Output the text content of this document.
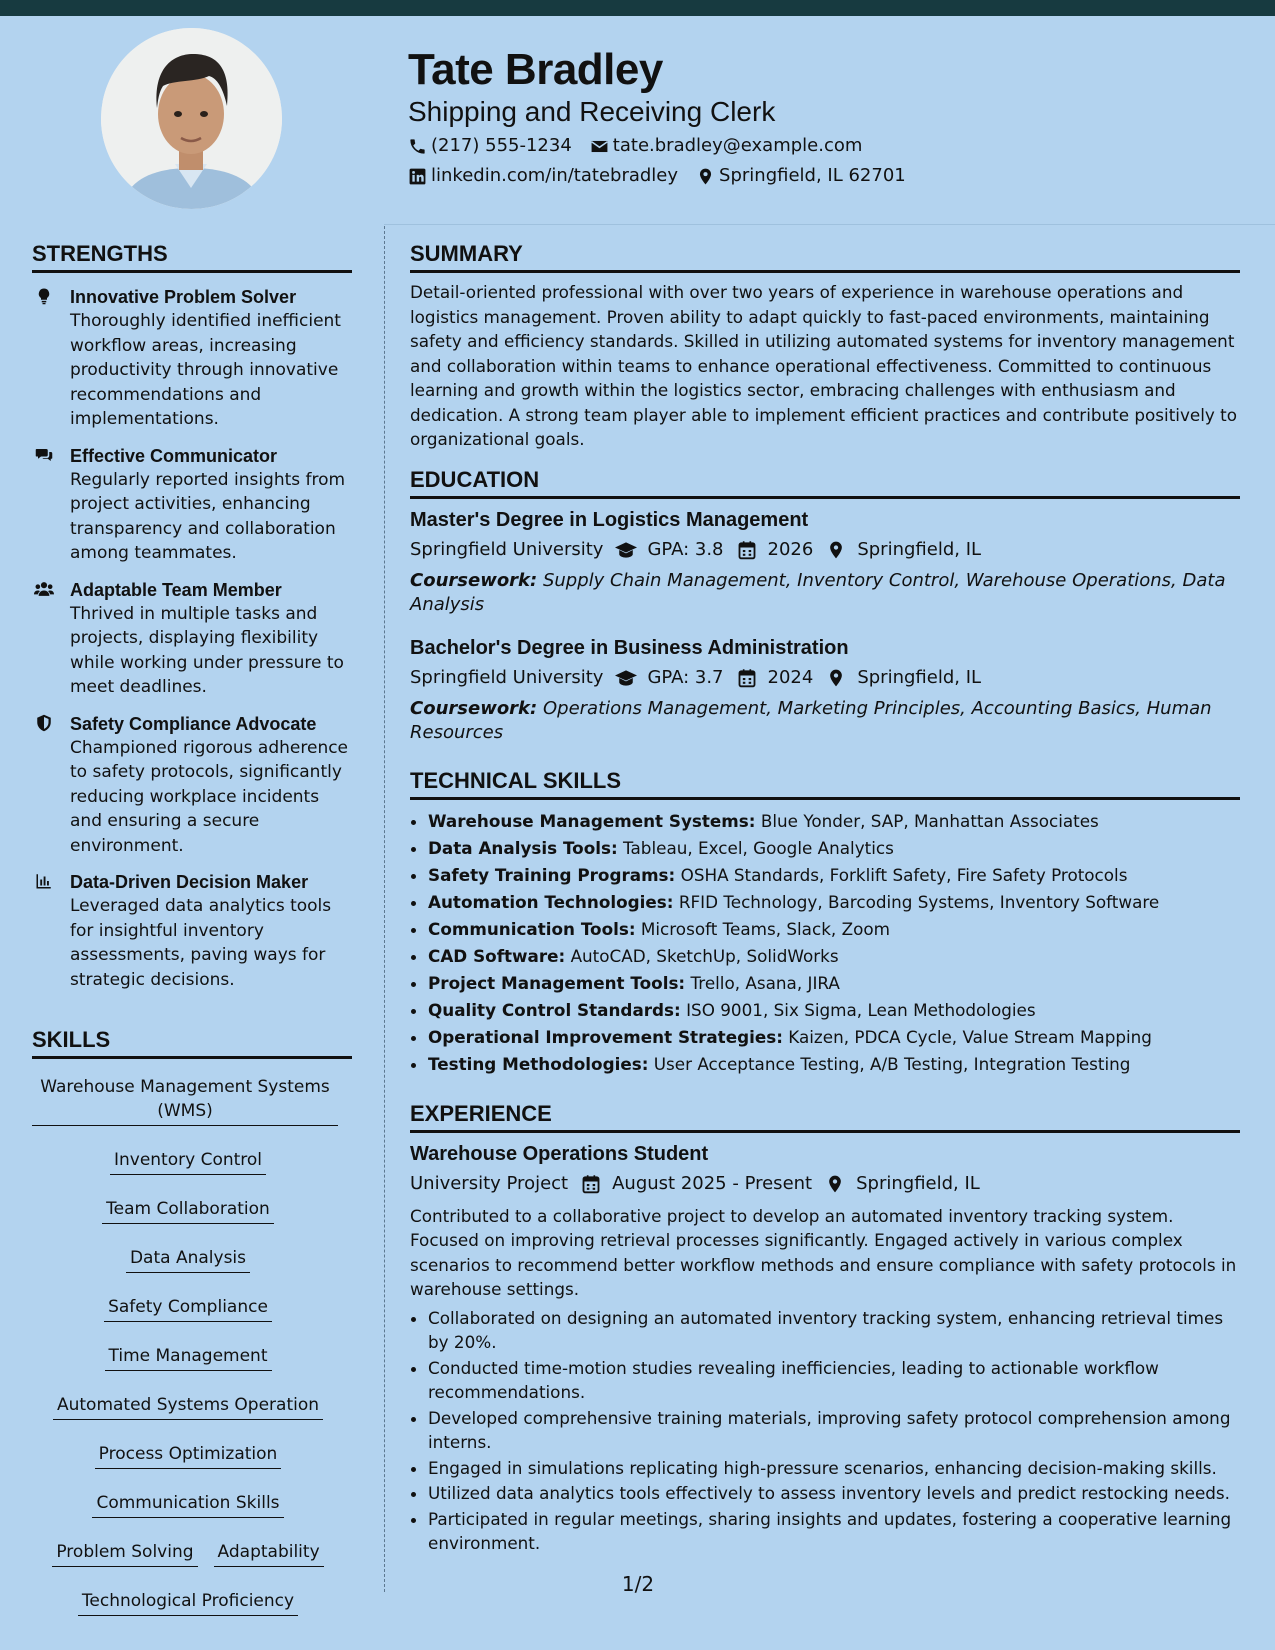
Tate Bradley
Shipping and Receiving Clerk
(217) 555-1234 tate.bradley@example.com
linkedin.com/in/tatebradley Springfield, IL 62701
STRENGTHS
Innovative Problem Solver
Thoroughly identified inefficient workflow areas, increasing productivity through innovative recommendations and implementations.
Effective Communicator
Regularly reported insights from project activities, enhancing transparency and collaboration among teammates.
Adaptable Team Member
Thrived in multiple tasks and projects, displaying flexibility while working under pressure to meet deadlines.
Safety Compliance Advocate
Championed rigorous adherence to safety protocols, significantly reducing workplace incidents and ensuring a secure environment.
Data-Driven Decision Maker
Leveraged data analytics tools for insightful inventory assessments, paving ways for strategic decisions.
SKILLS
Warehouse Management Systems (WMS)
Inventory Control
Team Collaboration
Data Analysis
Safety Compliance
Time Management
Automated Systems Operation
Process Optimization
Communication Skills
Problem Solving Adaptability
Technological Proficiency
SUMMARY
Detail-oriented professional with over two years of experience in warehouse operations and logistics management. Proven ability to adapt quickly to fast-paced environments, maintaining safety and efficiency standards. Skilled in utilizing automated systems for inventory management and collaboration within teams to enhance operational effectiveness. Committed to continuous learning and growth within the logistics sector, embracing challenges with enthusiasm and dedication. A strong team player able to implement efficient practices and contribute positively to organizational goals.
EDUCATION
Master's Degree in Logistics Management
Springfield University GPA: 3.8 2026 Springfield, IL
Coursework: Supply Chain Management, Inventory Control, Warehouse Operations, Data Analysis
Bachelor's Degree in Business Administration
Springfield University GPA: 3.7 2024 Springfield, IL
Coursework: Operations Management, Marketing Principles, Accounting Basics, Human Resources
TECHNICAL SKILLS
• Warehouse Management Systems: Blue Yonder, SAP, Manhattan Associates
• Data Analysis Tools: Tableau, Excel, Google Analytics
• Safety Training Programs: OSHA Standards, Forklift Safety, Fire Safety Protocols
• Automation Technologies: RFID Technology, Barcoding Systems, Inventory Software
• Communication Tools: Microsoft Teams, Slack, Zoom
• CAD Software: AutoCAD, SketchUp, SolidWorks
• Project Management Tools: Trello, Asana, JIRA
• Quality Control Standards: ISO 9001, Six Sigma, Lean Methodologies
• Operational Improvement Strategies: Kaizen, PDCA Cycle, Value Stream Mapping
• Testing Methodologies: User Acceptance Testing, A/B Testing, Integration Testing
EXPERIENCE
Warehouse Operations Student
University Project August 2025 - Present Springfield, IL
Contributed to a collaborative project to develop an automated inventory tracking system. Focused on improving retrieval processes significantly. Engaged actively in various complex scenarios to recommend better workflow methods and ensure compliance with safety protocols in warehouse settings.
• Collaborated on designing an automated inventory tracking system, enhancing retrieval times by 20%.
• Conducted time-motion studies revealing inefficiencies, leading to actionable workflow recommendations.
• Developed comprehensive training materials, improving safety protocol comprehension among interns.
• Engaged in simulations replicating high-pressure scenarios, enhancing decision-making skills.
• Utilized data analytics tools effectively to assess inventory levels and predict restocking needs.
• Participated in regular meetings, sharing insights and updates, fostering a cooperative learning environment.
1/2
